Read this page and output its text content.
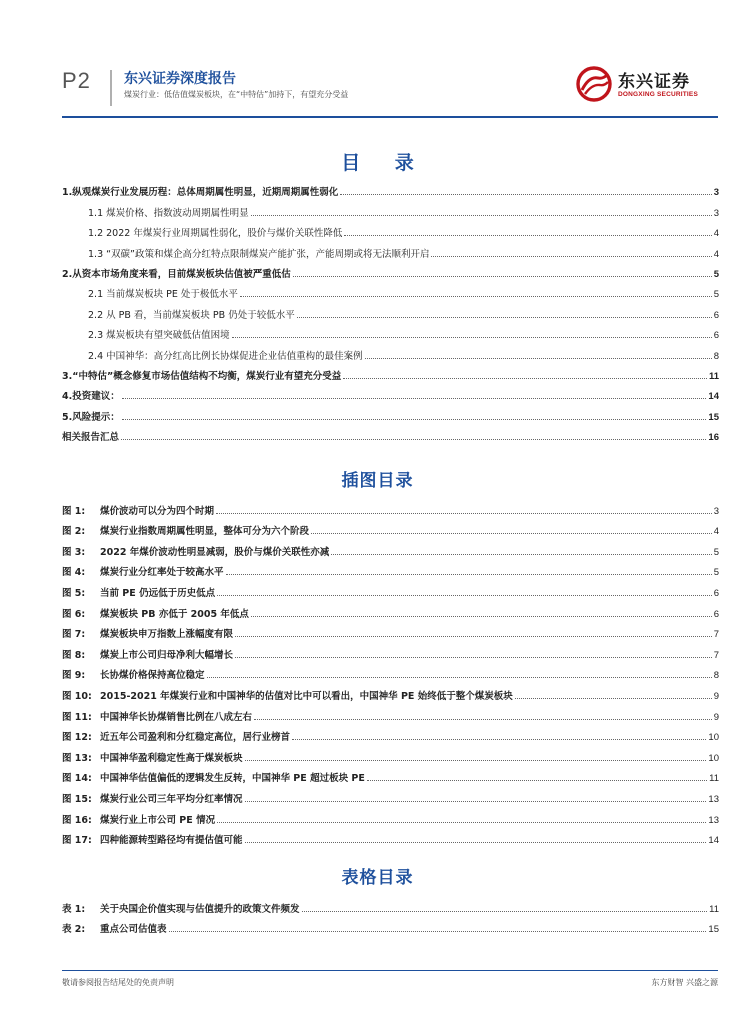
P2 东兴证券深度报告
煤炭行业：低估值煤炭板块，在“中特估”加持下，有望充分受益
东兴证券
DONGXING SECURITIES
目 录
1.纵观煤炭行业发展历程：总体周期属性明显，近期周期属性弱化	3
1.1 煤炭价格、指数波动周期属性明显	3
1.2 2022 年煤炭行业周期属性弱化，股价与煤价关联性降低	4
1.3 “双碳”政策和煤企高分红特点限制煤炭产能扩张，产能周期或将无法顺利开启	4
2.从资本市场角度来看，目前煤炭板块估值被严重低估	5
2.1 当前煤炭板块 PE 处于极低水平	5
2.2 从 PB 看，当前煤炭板块 PB 仍处于较低水平	6
2.3 煤炭板块有望突破低估值困境	6
2.4 中国神华：高分红高比例长协煤促进企业估值重构的最佳案例	8
3.“中特估”概念修复市场估值结构不均衡，煤炭行业有望充分受益	11
4.投资建议：	14
5.风险提示：	15
相关报告汇总	16
插图目录
图 1: 煤价波动可以分为四个时期	3
图 2: 煤炭行业指数周期属性明显，整体可分为六个阶段	4
图 3: 2022 年煤价波动性明显减弱，股价与煤价关联性亦减	5
图 4: 煤炭行业分红率处于较高水平	5
图 5: 当前 PE 仍远低于历史低点	6
图 6: 煤炭板块 PB 亦低于 2005 年低点	6
图 7: 煤炭板块申万指数上涨幅度有限	7
图 8: 煤炭上市公司归母净利大幅增长	7
图 9: 长协煤价格保持高位稳定	8
图 10: 2015-2021 年煤炭行业和中国神华的估值对比中可以看出，中国神华 PE 始终低于整个煤炭板块	9
图 11: 中国神华长协煤销售比例在八成左右	9
图 12: 近五年公司盈利和分红稳定高位，居行业榜首	10
图 13: 中国神华盈利稳定性高于煤炭板块	10
图 14: 中国神华估值偏低的逻辑发生反转，中国神华 PE 超过板块 PE	11
图 15: 煤炭行业公司三年平均分红率情况	13
图 16: 煤炭行业上市公司 PE 情况	13
图 17: 四种能源转型路径均有提估值可能	14
表格目录
表 1: 关于央国企价值实现与估值提升的政策文件频发	11
表 2: 重点公司估值表	15
敬请参阅报告结尾处的免责声明	东方财智 兴盛之源
